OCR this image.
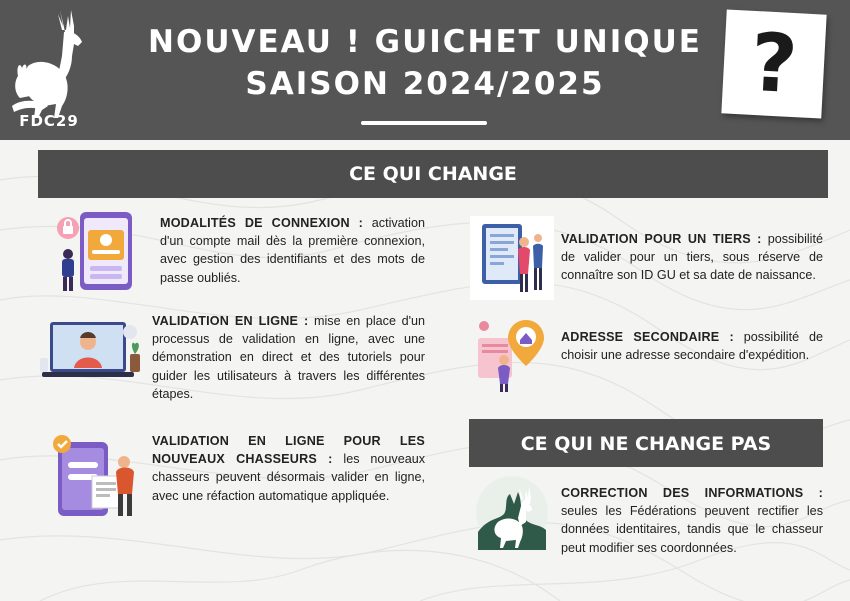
FDC29
NOUVEAU ! GUICHET UNIQUE
SAISON 2024/2025	?
CE QUI CHANGE
MODALITÉS DE CONNEXION : activation d'un compte mail dès la première connexion, avec gestion des identifiants et des mots de passe oubliés.
VALIDATION EN LIGNE : mise en place d'un processus de validation en ligne, avec une démonstration en direct et des tutoriels pour guider les utilisateurs à travers les différentes étapes.
VALIDATION EN LIGNE POUR LES NOUVEAUX CHASSEURS : les nouveaux chasseurs peuvent désormais valider en ligne, avec une réfaction automatique appliquée.
VALIDATION POUR UN TIERS : possibilité de valider pour un tiers, sous réserve de connaître son ID GU et sa date de naissance.
ADRESSE SECONDAIRE : possibilité de choisir une adresse secondaire d'expédition.
CE QUI NE CHANGE PAS
CORRECTION DES INFORMATIONS : seules les Fédérations peuvent rectifier les données identitaires, tandis que le chasseur peut modifier ses coordonnées.
